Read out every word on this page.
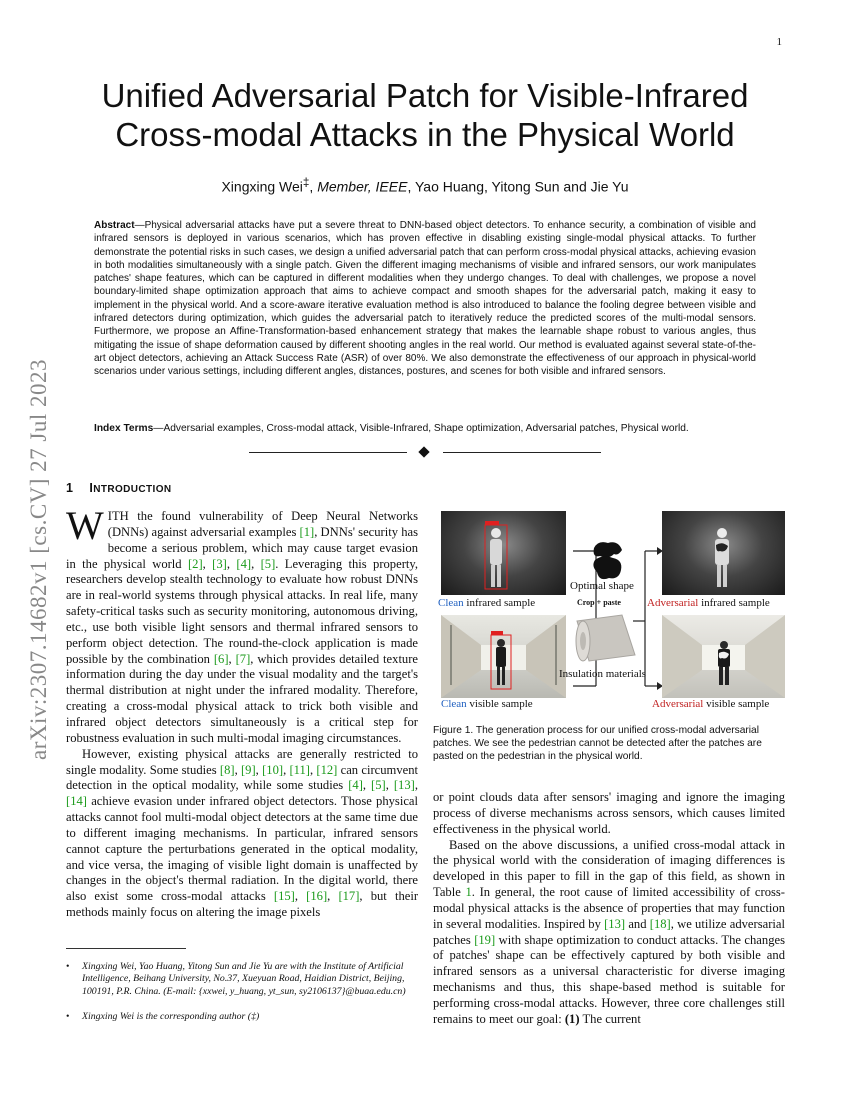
1
arXiv:2307.14682v1 [cs.CV] 27 Jul 2023
Unified Adversarial Patch for Visible-Infrared
Cross-modal Attacks in the Physical World
Xingxing Wei‡, Member, IEEE, Yao Huang, Yitong Sun and Jie Yu
Abstract—Physical adversarial attacks have put a severe threat to DNN-based object detectors. To enhance security, a combination of visible and infrared sensors is deployed in various scenarios, which has proven effective in disabling existing single-modal physical attacks. To further demonstrate the potential risks in such cases, we design a unified adversarial patch that can perform cross-modal physical attacks, achieving evasion in both modalities simultaneously with a single patch. Given the different imaging mechanisms of visible and infrared sensors, our work manipulates patches' shape features, which can be captured in different modalities when they undergo changes. To deal with challenges, we propose a novel boundary-limited shape optimization approach that aims to achieve compact and smooth shapes for the adversarial patch, making it easy to implement in the physical world. And a score-aware iterative evaluation method is also introduced to balance the fooling degree between visible and infrared detectors during optimization, which guides the adversarial patch to iteratively reduce the predicted scores of the multi-modal sensors. Furthermore, we propose an Affine-Transformation-based enhancement strategy that makes the learnable shape robust to various angles, thus mitigating the issue of shape deformation caused by different shooting angles in the real world. Our method is evaluated against several state-of-the-art object detectors, achieving an Attack Success Rate (ASR) of over 80%. We also demonstrate the effectiveness of our approach in physical-world scenarios under various settings, including different angles, distances, postures, and scenes for both visible and infrared sensors.
Index Terms—Adversarial examples, Cross-modal attack, Visible-Infrared, Shape optimization, Adversarial patches, Physical world.
1 INTRODUCTION

WITH the found vulnerability of Deep Neural Networks (DNNs) against adversarial examples [1], DNNs' security has become a serious problem, which may cause target evasion in the physical world [2], [3], [4], [5]. Leveraging this property, researchers develop stealth technology to evaluate how robust DNNs are in real-world systems through physical attacks. In real life, many safety-critical tasks such as security monitoring, autonomous driving, etc., use both visible light sensors and thermal infrared sensors to perform object detection. The round-the-clock application is made possible by the combination [6], [7], which provides detailed texture information during the day under the visual modality and the target's thermal distribution at night under the infrared modality. Therefore, creating a cross-modal physical attack to trick both visible and infrared object detectors simultaneously is a critical step for robustness evaluation in such multi-modal imaging circumstances.

However, existing physical attacks are generally restricted to single modality. Some studies [8], [9], [10], [11], [12] can circumvent detection in the optical modality, while some studies [4], [5], [13], [14] achieve evasion under infrared object detectors. Those physical attacks cannot fool multi-modal object detectors at the same time due to different imaging mechanisms. In particular, infrared sensors cannot capture the perturbations generated in the optical modality, and vice versa, the imaging of visible light domain is unaffected by changes in the object's thermal radiation. In the digital world, there also exist some cross-modal attacks [15], [16], [17], but their methods mainly focus on altering the image pixels

• Xingxing Wei, Yao Huang, Yitong Sun and Jie Yu are with the Institute of Artificial Intelligence, Beihang University, No.37, Xueyuan Road, Haidian District, Beijing, 100191, P.R. China. (E-mail: {xxwei, y_huang, yt_sun, sy2106137}@buaa.edu.cn)
• Xingxing Wei is the corresponding author (‡)
Clean infrared sample
Clean visible sample
Optimal shape
Crop + paste
Insulation materials
Adversarial infrared sample
Adversarial visible sample
Figure 1. The generation process for our unified cross-modal adversarial patches. We see the pedestrian cannot be detected after the patches are pasted on the pedestrian in the physical world.

or point clouds data after sensors' imaging and ignore the imaging process of diverse mechanisms across sensors, which causes limited effectiveness in the physical world.

Based on the above discussions, a unified cross-modal attack in the physical world with the consideration of imaging differences is developed in this paper to fill in the gap of this field, as shown in Table 1. In general, the root cause of limited accessibility of cross-modal physical attacks is the absence of properties that may function in several modalities. Inspired by [13] and [18], we utilize adversarial patches [19] with shape optimization to conduct attacks. The changes of patches' shape can be effectively captured by both visible and infrared sensors as a universal characteristic for diverse imaging mechanisms and thus, this shape-based method is suitable for performing cross-modal attacks. However, three core challenges still remains to meet our goal: (1) The current
